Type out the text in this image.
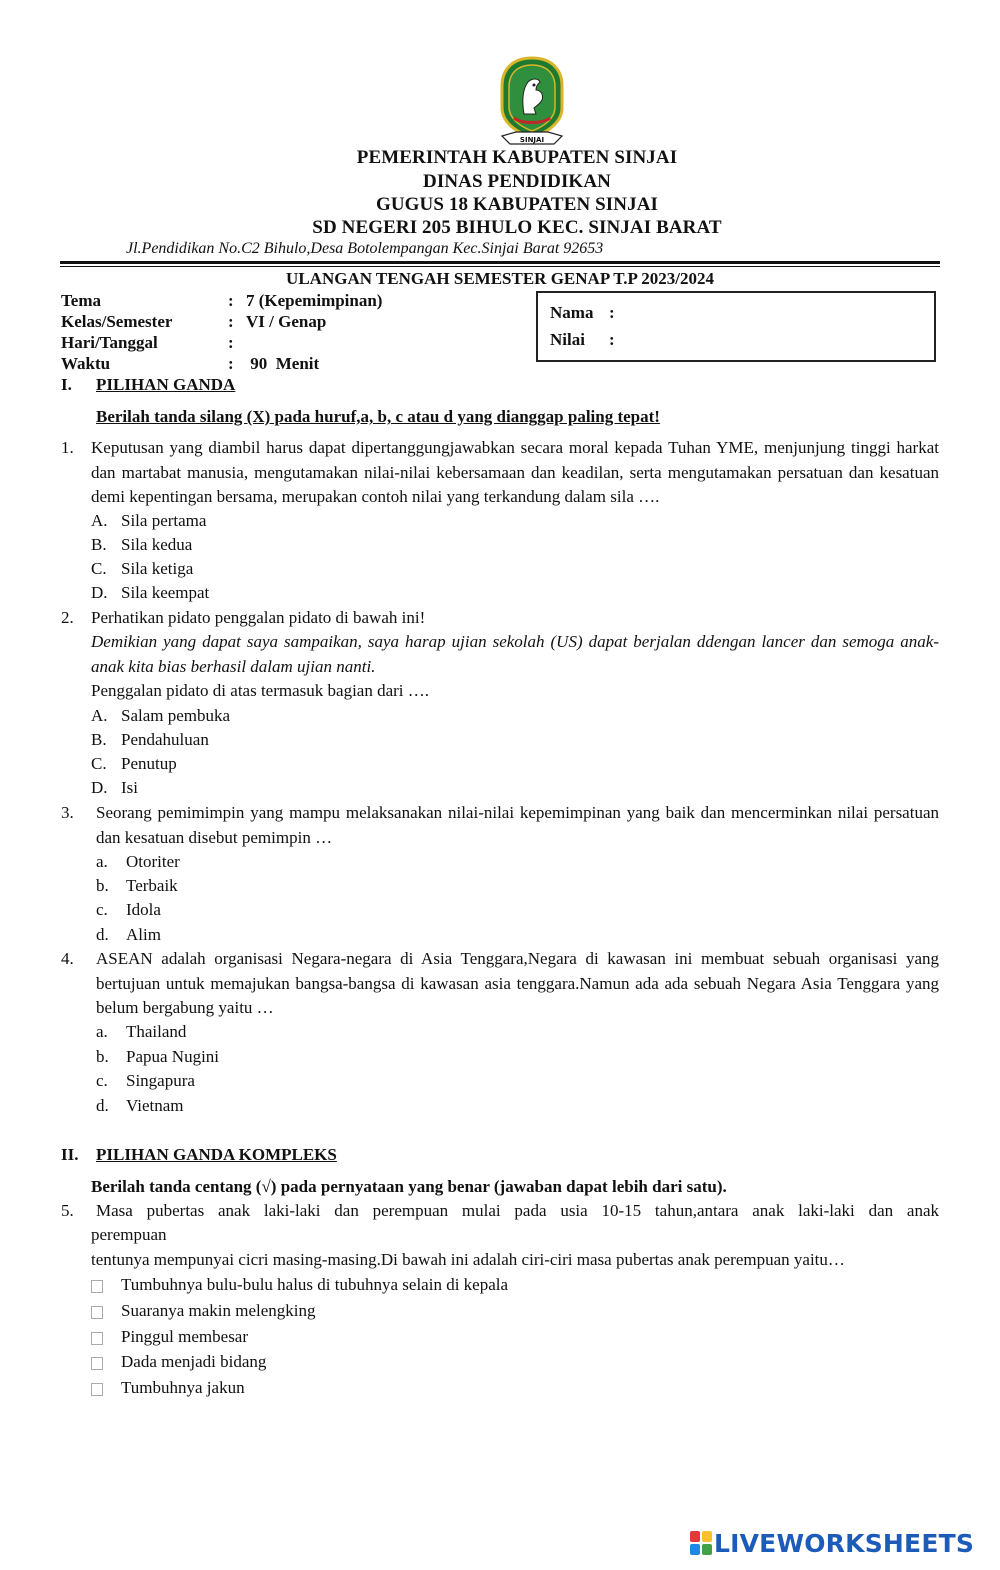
SINJAI
PEMERINTAH KABUPATEN SINJAI
DINAS PENDIDIKAN
GUGUS 18 KABUPATEN SINJAI
SD NEGERI 205 BIHULO KEC. SINJAI BARAT
Jl.Pendidikan No.C2 Bihulo,Desa Botolempangan Kec.Sinjai Barat 92653
ULANGAN TENGAH SEMESTER GENAP T.P 2023/2024
Tema	: 7 (Kepemimpinan)
Kelas/Semester	: VI / Genap
Hari/Tanggal	:
Waktu	: 90  Menit
Nama :
Nilai :
I. PILIHAN GANDA
Berilah tanda silang (X) pada huruf,a, b, c atau d yang dianggap paling tepat!
1. Keputusan yang diambil harus dapat dipertanggungjawabkan secara moral kepada Tuhan YME, menjunjung tinggi harkat dan martabat manusia, mengutamakan nilai-nilai kebersamaan dan keadilan, serta mengutamakan persatuan dan kesatuan demi kepentingan bersama, merupakan contoh nilai yang terkandung dalam sila ….
A. Sila pertama
B. Sila kedua
C. Sila ketiga
D. Sila keempat
2. Perhatikan pidato penggalan pidato di bawah ini!
Demikian yang dapat saya sampaikan, saya harap ujian sekolah (US) dapat berjalan ddengan lancer dan semoga anak-anak kita bias berhasil dalam ujian nanti.
Penggalan pidato di atas termasuk bagian dari ….
A. Salam pembuka
B. Pendahuluan
C. Penutup
D. Isi
3. Seorang pemimimpin yang mampu melaksanakan nilai-nilai kepemimpinan yang baik dan mencerminkan nilai persatuan dan kesatuan disebut pemimpin …
a. Otoriter
b. Terbaik
c. Idola
d. Alim
4. ASEAN adalah organisasi Negara-negara di Asia Tenggara,Negara di kawasan ini membuat sebuah organisasi yang bertujuan untuk memajukan bangsa-bangsa di kawasan asia tenggara.Namun ada ada sebuah Negara Asia Tenggara yang belum bergabung yaitu …
a. Thailand
b. Papua Nugini
c. Singapura
d. Vietnam
II. PILIHAN GANDA KOMPLEKS
Berilah tanda centang (√) pada pernyataan yang benar (jawaban dapat lebih dari satu).
5. Masa pubertas anak laki-laki dan perempuan mulai pada usia 10-15 tahun,antara anak laki-laki dan anak
perempuan
tentunya mempunyai cicri masing-masing.Di bawah ini adalah ciri-ciri masa pubertas anak perempuan yaitu…
Tumbuhnya bulu-bulu halus di tubuhnya selain di kepala
Suaranya makin melengking
Pinggul membesar
Dada menjadi bidang
Tumbuhnya jakun
LIVEWORKSHEETS
